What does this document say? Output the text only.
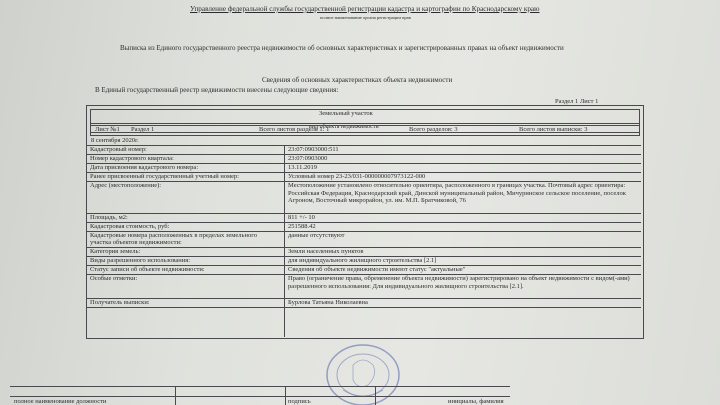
Управление федеральной службы государственной регистрации кадастра и картографии по Краснодарскому краю
полное наименование органа регистрации прав
Выписка из Единого государственного реестра недвижимости об основных характеристиках и зарегистрированных правах на объект недвижимости
Сведения об основных характеристиках объекта недвижимости
В Единый государственный реестр недвижимости внесены следующие сведения:
Раздел 1 Лист 1
Земельный участок
вид объекта недвижимости
Лист №1 Раздел 1	Всего листов раздела 1: 1	Всего разделов: 3	Всего листов выписки: 3
8 сентября 2020г.
Кадастровый номер:	23:07:0903000:511
Номер кадастрового квартала:	23:07:0903000
Дата присвоения кадастрового номера:	13.11.2019
Ранее присвоенный государственный учетный номер:	Условный номер 23-23/031-000000007973122-000
Адрес (местоположение):	Местоположение установлено относительно ориентира, расположенного в границах участка. Почтовый адрес ориентира: Российская Федерация, Краснодарский край, Динской муниципальный район, Мичуринское сельское поселение, поселок Агроном, Восточный микрорайон, ул. им. М.П. Братчиковой, 76
Площадь, м2:	811 +/- 10
Кадастровая стоимость, руб:	251588.42
Кадастровые номера расположенных в пределах земельного участка объектов недвижимости:
данные отсутствуют
Категория земель:	Земли населенных пунктов
Виды разрешенного использования:	для индивидуального жилищного строительства [2.1]
Статус записи об объекте недвижимости:	Сведения об объекте недвижимости имеют статус "актуальные"
Особые отметки:	Право (ограничение права, обременение объекта недвижимости) зарегистрировано на объект недвижимости с видом(-ами) разрешенного использования: Для индивидуального жилищного строительства [2.1].
Получатель выписки:	Бурлова Татьяна Николаевна
полное наименование должности	подпись	инициалы, фамилия
